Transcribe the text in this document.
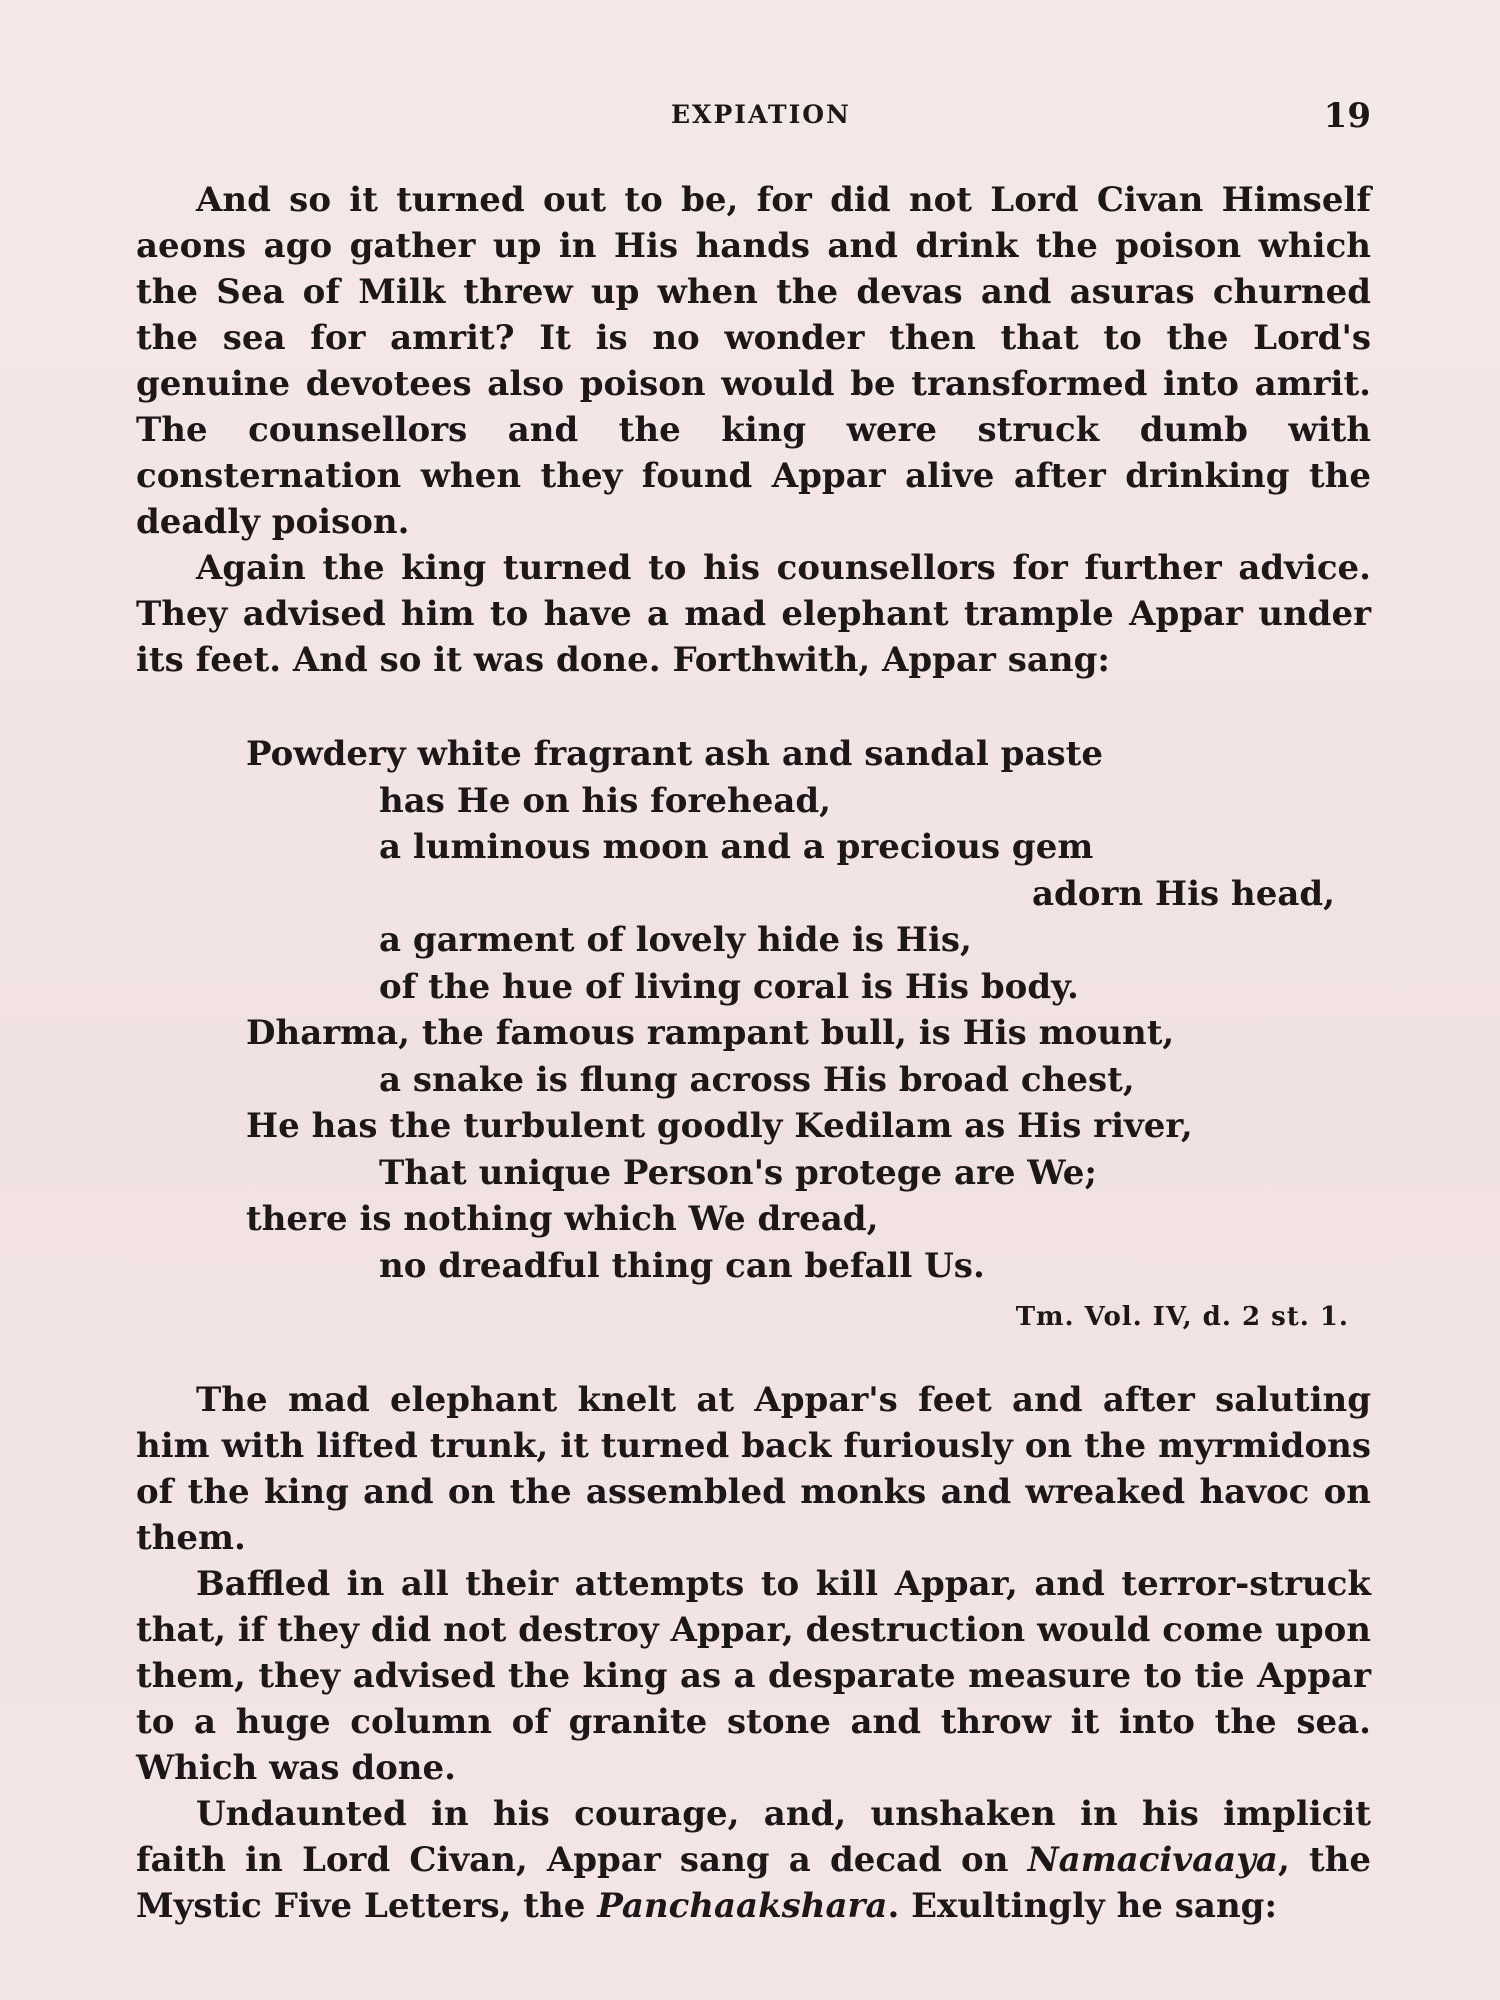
EXPIATION	19

And so it turned out to be, for did not Lord Civan Himself aeons ago gather up in His hands and drink the poison which the Sea of Milk threw up when the devas and asuras churned the sea for amrit? It is no wonder then that to the Lord's genuine devotees also poison would be transformed into amrit. The counsellors and the king were struck dumb with consternation when they found Appar alive after drinking the deadly poison.

Again the king turned to his counsellors for further advice. They advised him to have a mad elephant trample Appar under its feet. And so it was done. Forthwith, Appar sang:

Powdery white fragrant ash and sandal paste
has He on his forehead,
a luminous moon and a precious gem
adorn His head,
a garment of lovely hide is His,
of the hue of living coral is His body.
Dharma, the famous rampant bull, is His mount,
a snake is flung across His broad chest,
He has the turbulent goodly Kedilam as His river,
That unique Person's protege are We;
there is nothing which We dread,
no dreadful thing can befall Us.
Tm. Vol. IV, d. 2 st. 1.

The mad elephant knelt at Appar's feet and after saluting him with lifted trunk, it turned back furiously on the myrmidons of the king and on the assembled monks and wreaked havoc on them.

Baffled in all their attempts to kill Appar, and terror-struck that, if they did not destroy Appar, destruction would come upon them, they advised the king as a desparate measure to tie Appar to a huge column of granite stone and throw it into the sea. Which was done.

Undaunted in his courage, and, unshaken in his implicit faith in Lord Civan, Appar sang a decad on Namacivaaya, the Mystic Five Letters, the Panchaakshara. Exultingly he sang:
